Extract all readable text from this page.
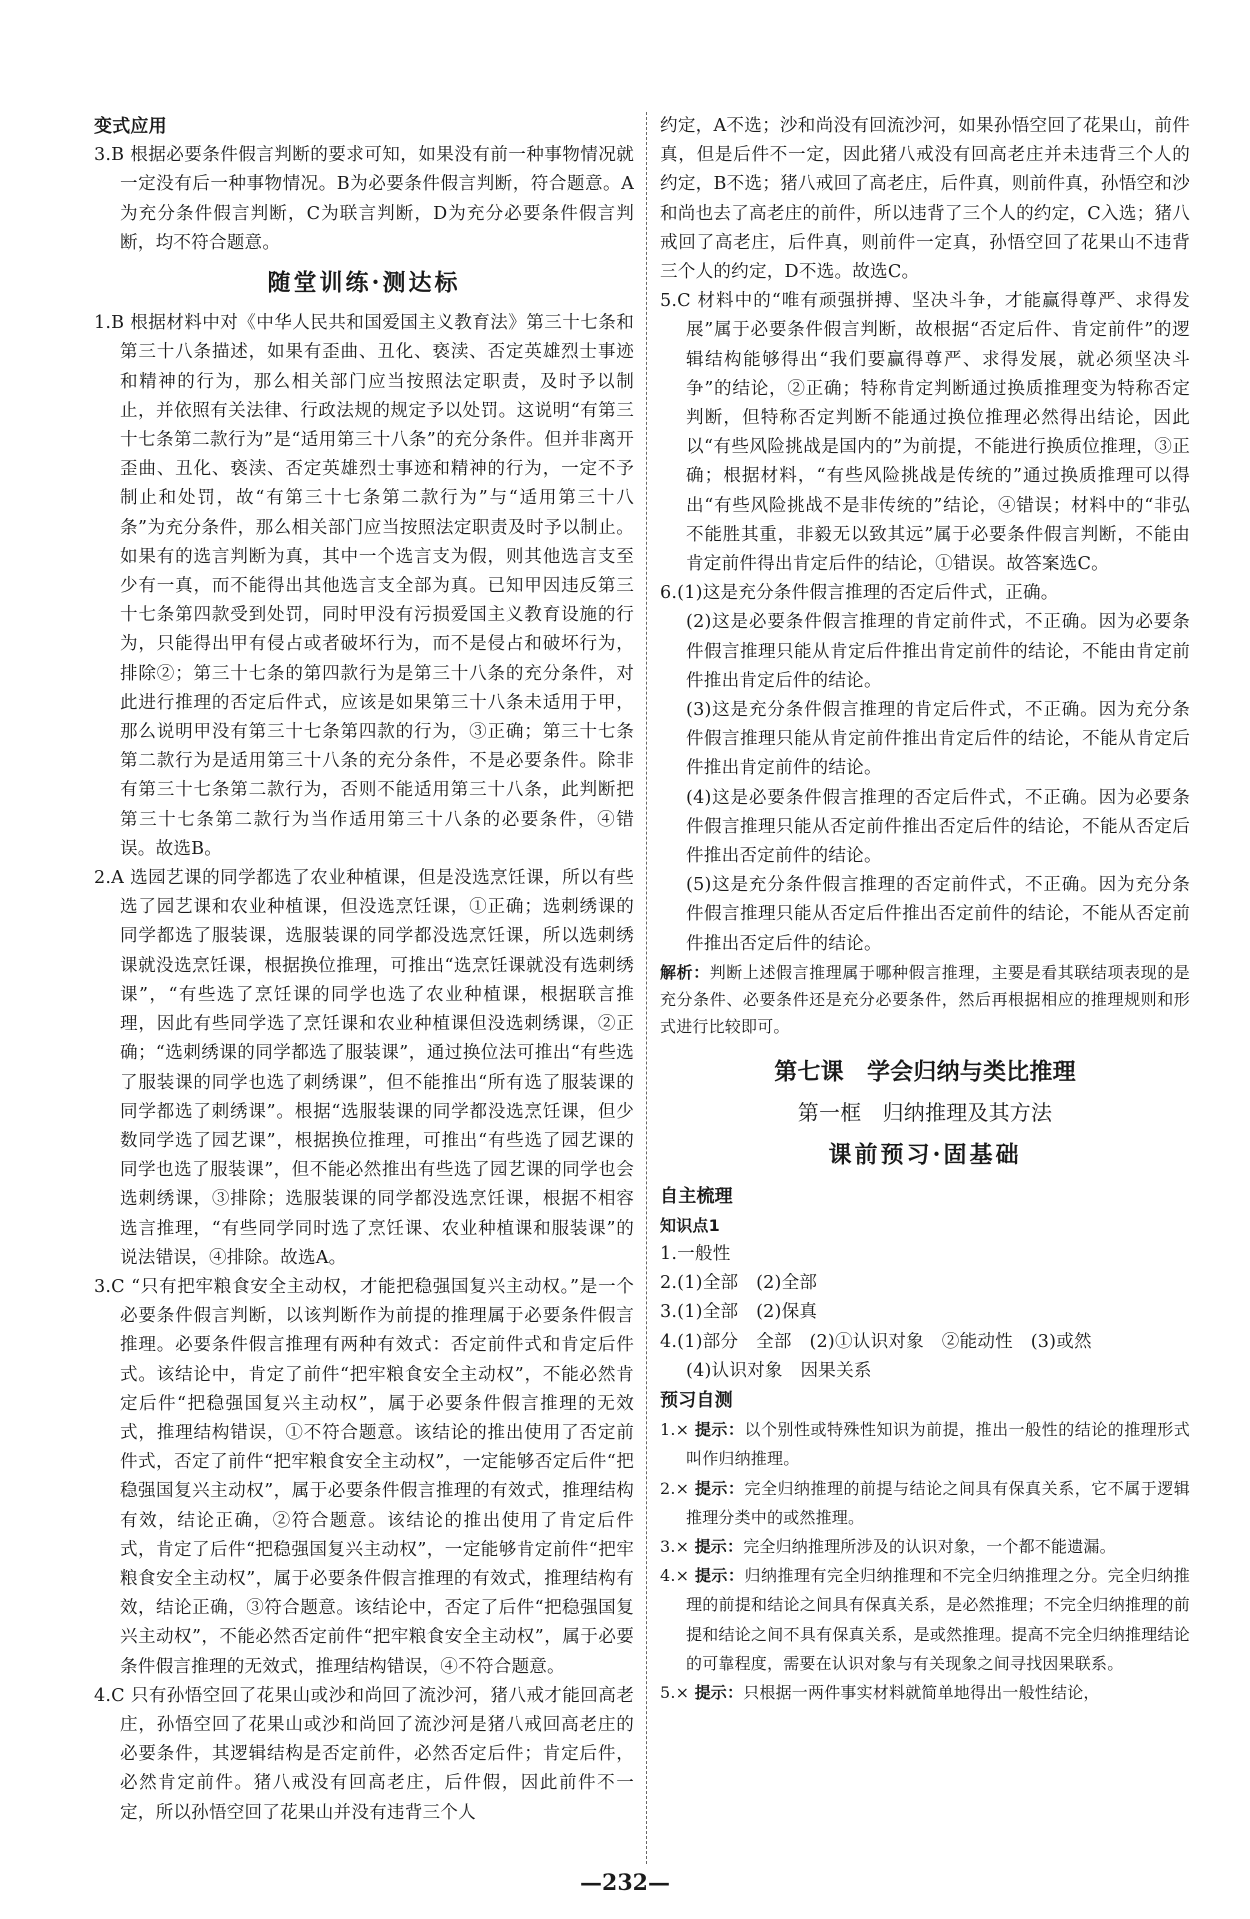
变式应用

3.B 根据必要条件假言判断的要求可知，如果没有前一种事物情况就一定没有后一种事物情况。B为必要条件假言判断，符合题意。A为充分条件假言判断，C为联言判断，D为充分必要条件假言判断，均不符合题意。

随堂训练·测达标

1.B 根据材料中对《中华人民共和国爱国主义教育法》第三十七条和第三十八条描述，如果有歪曲、丑化、亵渎、否定英雄烈士事迹和精神的行为，那么相关部门应当按照法定职责，及时予以制止，并依照有关法律、行政法规的规定予以处罚。这说明“有第三十七条第二款行为”是“适用第三十八条”的充分条件。但并非离开歪曲、丑化、亵渎、否定英雄烈士事迹和精神的行为，一定不予制止和处罚，故“有第三十七条第二款行为”与“适用第三十八条”为充分条件，那么相关部门应当按照法定职责及时予以制止。如果有的选言判断为真，其中一个选言支为假，则其他选言支至少有一真，而不能得出其他选言支全部为真。已知甲因违反第三十七条第四款受到处罚，同时甲没有污损爱国主义教育设施的行为，只能得出甲有侵占或者破坏行为，而不是侵占和破坏行为，排除②；第三十七条的第四款行为是第三十八条的充分条件，对此进行推理的否定后件式，应该是如果第三十八条未适用于甲，那么说明甲没有第三十七条第四款的行为，③正确；第三十七条第二款行为是适用第三十八条的充分条件，不是必要条件。除非有第三十七条第二款行为，否则不能适用第三十八条，此判断把第三十七条第二款行为当作适用第三十八条的必要条件，④错误。故选B。

2.A 选园艺课的同学都选了农业种植课，但是没选烹饪课，所以有些选了园艺课和农业种植课，但没选烹饪课，①正确；选刺绣课的同学都选了服装课，选服装课的同学都没选烹饪课，所以选刺绣课就没选烹饪课，根据换位推理，可推出“选烹饪课就没有选刺绣课”，“有些选了烹饪课的同学也选了农业种植课，根据联言推理，因此有些同学选了烹饪课和农业种植课但没选刺绣课，②正确；“选刺绣课的同学都选了服装课”，通过换位法可推出“有些选了服装课的同学也选了刺绣课”，但不能推出“所有选了服装课的同学都选了刺绣课”。根据“选服装课的同学都没选烹饪课，但少数同学选了园艺课”，根据换位推理，可推出“有些选了园艺课的同学也选了服装课”，但不能必然推出有些选了园艺课的同学也会选刺绣课，③排除；选服装课的同学都没选烹饪课，根据不相容选言推理，“有些同学同时选了烹饪课、农业种植课和服装课”的说法错误，④排除。故选A。

3.C “只有把牢粮食安全主动权，才能把稳强国复兴主动权。”是一个必要条件假言判断，以该判断作为前提的推理属于必要条件假言推理。必要条件假言推理有两种有效式：否定前件式和肯定后件式。该结论中，肯定了前件“把牢粮食安全主动权”，不能必然肯定后件“把稳强国复兴主动权”，属于必要条件假言推理的无效式，推理结构错误，①不符合题意。该结论的推出使用了否定前件式，否定了前件“把牢粮食安全主动权”，一定能够否定后件“把稳强国复兴主动权”，属于必要条件假言推理的有效式，推理结构有效，结论正确，②符合题意。该结论的推出使用了肯定后件式，肯定了后件“把稳强国复兴主动权”，一定能够肯定前件“把牢粮食安全主动权”，属于必要条件假言推理的有效式，推理结构有效，结论正确，③符合题意。该结论中，否定了后件“把稳强国复兴主动权”，不能必然否定前件“把牢粮食安全主动权”，属于必要条件假言推理的无效式，推理结构错误，④不符合题意。

4.C 只有孙悟空回了花果山或沙和尚回了流沙河，猪八戒才能回高老庄，孙悟空回了花果山或沙和尚回了流沙河是猪八戒回高老庄的必要条件，其逻辑结构是否定前件，必然否定后件；肯定后件，必然肯定前件。猪八戒没有回高老庄，后件假，因此前件不一定，所以孙悟空回了花果山并没有违背三个人

约定，A不选；沙和尚没有回流沙河，如果孙悟空回了花果山，前件真，但是后件不一定，因此猪八戒没有回高老庄并未违背三个人的约定，B不选；猪八戒回了高老庄，后件真，则前件真，孙悟空和沙和尚也去了高老庄的前件，所以违背了三个人的约定，C入选；猪八戒回了高老庄，后件真，则前件一定真，孙悟空回了花果山不违背三个人的约定，D不选。故选C。

5.C 材料中的“唯有顽强拼搏、坚决斗争，才能赢得尊严、求得发展”属于必要条件假言判断，故根据“否定后件、肯定前件”的逻辑结构能够得出“我们要赢得尊严、求得发展，就必须坚决斗争”的结论，②正确；特称肯定判断通过换质推理变为特称否定判断，但特称否定判断不能通过换位推理必然得出结论，因此以“有些风险挑战是国内的”为前提，不能进行换质位推理，③正确；根据材料，“有些风险挑战是传统的”通过换质推理可以得出“有些风险挑战不是非传统的”结论，④错误；材料中的“非弘不能胜其重，非毅无以致其远”属于必要条件假言判断，不能由肯定前件得出肯定后件的结论，①错误。故答案选C。

6.(1)这是充分条件假言推理的否定后件式，正确。

(2)这是必要条件假言推理的肯定前件式，不正确。因为必要条件假言推理只能从肯定后件推出肯定前件的结论，不能由肯定前件推出肯定后件的结论。

(3)这是充分条件假言推理的肯定后件式，不正确。因为充分条件假言推理只能从肯定前件推出肯定后件的结论，不能从肯定后件推出肯定前件的结论。

(4)这是必要条件假言推理的否定后件式，不正确。因为必要条件假言推理只能从否定前件推出否定后件的结论，不能从否定后件推出否定前件的结论。

(5)这是充分条件假言推理的否定前件式，不正确。因为充分条件假言推理只能从否定后件推出否定前件的结论，不能从否定前件推出否定后件的结论。

解析：判断上述假言推理属于哪种假言推理，主要是看其联结项表现的是充分条件、必要条件还是充分必要条件，然后再根据相应的推理规则和形式进行比较即可。

第七课　学会归纳与类比推理
第一框　归纳推理及其方法
课前预习·固基础
自主梳理
知识点1

1.一般性

2.(1)全部　(2)全部

3.(1)全部　(2)保真

4.(1)部分　全部　(2)①认识对象　②能动性　(3)或然

(4)认识对象　因果关系

预习自测

1.× 提示：以个别性或特殊性知识为前提，推出一般性的结论的推理形式叫作归纳推理。

2.× 提示：完全归纳推理的前提与结论之间具有保真关系，它不属于逻辑推理分类中的或然推理。

3.× 提示：完全归纳推理所涉及的认识对象，一个都不能遗漏。

4.× 提示：归纳推理有完全归纳推理和不完全归纳推理之分。完全归纳推理的前提和结论之间具有保真关系，是必然推理；不完全归纳推理的前提和结论之间不具有保真关系，是或然推理。提高不完全归纳推理结论的可靠程度，需要在认识对象与有关现象之间寻找因果联系。

5.× 提示：只根据一两件事实材料就简单地得出一般性结论，

—232—
